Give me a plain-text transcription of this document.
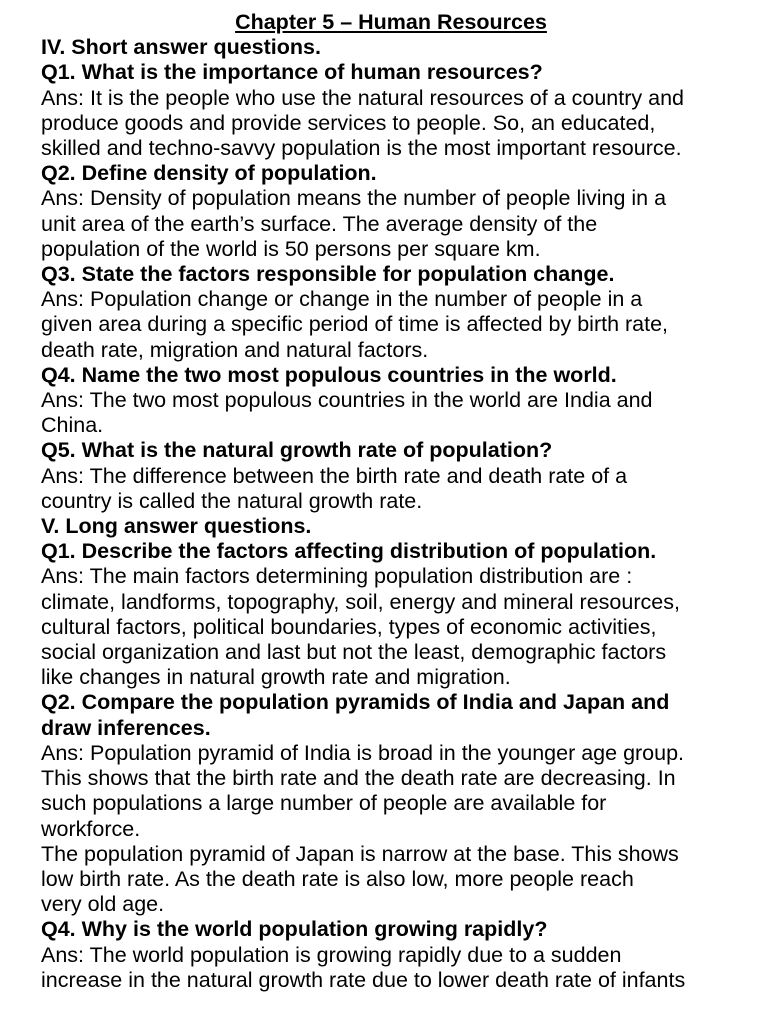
Chapter 5 – Human Resources
IV. Short answer questions.
Q1. What is the importance of human resources?
Ans: It is the people who use the natural resources of a country and
produce goods and provide services to people. So, an educated,
skilled and techno-savvy population is the most important resource.
Q2. Define density of population.
Ans: Density of population means the number of people living in a
unit area of the earth’s surface. The average density of the
population of the world is 50 persons per square km.
Q3. State the factors responsible for population change.
Ans: Population change or change in the number of people in a
given area during a specific period of time is affected by birth rate,
death rate, migration and natural factors.
Q4. Name the two most populous countries in the world.
Ans: The two most populous countries in the world are India and
China.
Q5. What is the natural growth rate of population?
Ans: The difference between the birth rate and death rate of a
country is called the natural growth rate.
V. Long answer questions.
Q1. Describe the factors affecting distribution of population.
Ans: The main factors determining population distribution are :
climate, landforms, topography, soil, energy and mineral resources,
cultural factors, political boundaries, types of economic activities,
social organization and last but not the least, demographic factors
like changes in natural growth rate and migration.
Q2. Compare the population pyramids of India and Japan and
draw inferences.
Ans: Population pyramid of India is broad in the younger age group.
This shows that the birth rate and the death rate are decreasing. In
such populations a large number of people are available for
workforce.
The population pyramid of Japan is narrow at the base. This shows
low birth rate. As the death rate is also low, more people reach
very old age.
Q4. Why is the world population growing rapidly?
Ans: The world population is growing rapidly due to a sudden
increase in the natural growth rate due to lower death rate of infants
